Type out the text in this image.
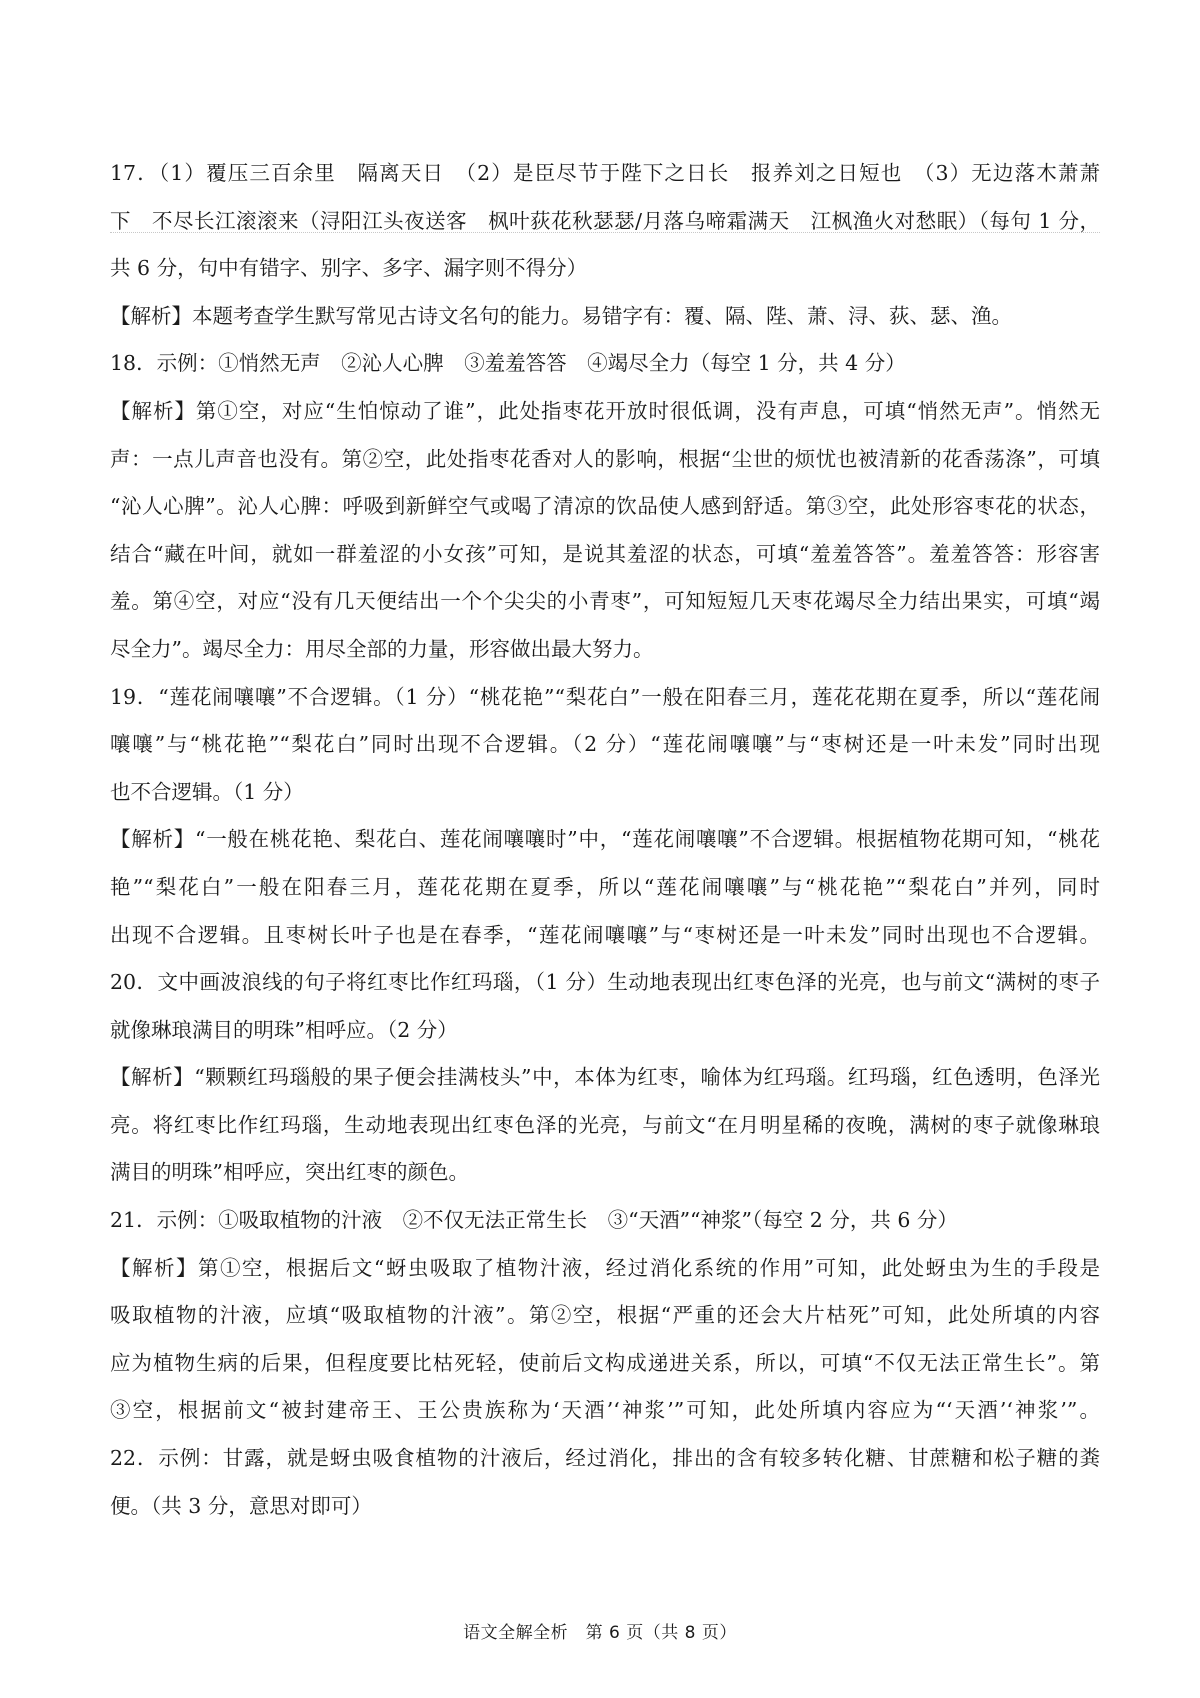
17．（1）覆压三百余里　隔离天日　（2）是臣尽节于陛下之日长　报养刘之日短也　（3）无边落木萧萧
下　不尽长江滚滚来（浔阳江头夜送客　枫叶荻花秋瑟瑟/月落乌啼霜满天　江枫渔火对愁眠）（每句 1 分，
共 6 分，句中有错字、别字、多字、漏字则不得分）
【解析】本题考查学生默写常见古诗文名句的能力。易错字有：覆、隔、陛、萧、浔、荻、瑟、渔。
18．示例：①悄然无声　②沁人心脾　③羞羞答答　④竭尽全力（每空 1 分，共 4 分）
【解析】第①空，对应“生怕惊动了谁”，此处指枣花开放时很低调，没有声息，可填“悄然无声”。悄然无
声：一点儿声音也没有。第②空，此处指枣花香对人的影响，根据“尘世的烦忧也被清新的花香荡涤”，可填
“沁人心脾”。沁人心脾：呼吸到新鲜空气或喝了清凉的饮品使人感到舒适。第③空，此处形容枣花的状态，
结合“藏在叶间，就如一群羞涩的小女孩”可知，是说其羞涩的状态，可填“羞羞答答”。羞羞答答：形容害
羞。第④空，对应“没有几天便结出一个个尖尖的小青枣”，可知短短几天枣花竭尽全力结出果实，可填“竭
尽全力”。竭尽全力：用尽全部的力量，形容做出最大努力。
19．“莲花闹嚷嚷”不合逻辑。（1 分）“桃花艳”“梨花白”一般在阳春三月，莲花花期在夏季，所以“莲花闹
嚷嚷”与“桃花艳”“梨花白”同时出现不合逻辑。（2 分）“莲花闹嚷嚷”与“枣树还是一叶未发”同时出现
也不合逻辑。（1 分）
【解析】“一般在桃花艳、梨花白、莲花闹嚷嚷时”中，“莲花闹嚷嚷”不合逻辑。根据植物花期可知，“桃花
艳”“梨花白”一般在阳春三月，莲花花期在夏季，所以“莲花闹嚷嚷”与“桃花艳”“梨花白”并列，同时
出现不合逻辑。且枣树长叶子也是在春季，“莲花闹嚷嚷”与“枣树还是一叶未发”同时出现也不合逻辑。
20．文中画波浪线的句子将红枣比作红玛瑙，（1 分）生动地表现出红枣色泽的光亮，也与前文“满树的枣子
就像琳琅满目的明珠”相呼应。（2 分）
【解析】“颗颗红玛瑙般的果子便会挂满枝头”中，本体为红枣，喻体为红玛瑙。红玛瑙，红色透明，色泽光
亮。将红枣比作红玛瑙，生动地表现出红枣色泽的光亮，与前文“在月明星稀的夜晚，满树的枣子就像琳琅
满目的明珠”相呼应，突出红枣的颜色。
21．示例：①吸取植物的汁液　②不仅无法正常生长　③“天酒”“神浆”（每空 2 分，共 6 分）
【解析】第①空，根据后文“蚜虫吸取了植物汁液，经过消化系统的作用”可知，此处蚜虫为生的手段是
吸取植物的汁液，应填“吸取植物的汁液”。第②空，根据“严重的还会大片枯死”可知，此处所填的内容
应为植物生病的后果，但程度要比枯死轻，使前后文构成递进关系，所以，可填“不仅无法正常生长”。第
③空，根据前文“被封建帝王、王公贵族称为‘天酒’‘神浆’”可知，此处所填内容应为“‘天酒’‘神浆’”。
22．示例：甘露，就是蚜虫吸食植物的汁液后，经过消化，排出的含有较多转化糖、甘蔗糖和松子糖的粪
便。（共 3 分，意思对即可）
语文全解全析　第 6 页（共 8 页）
